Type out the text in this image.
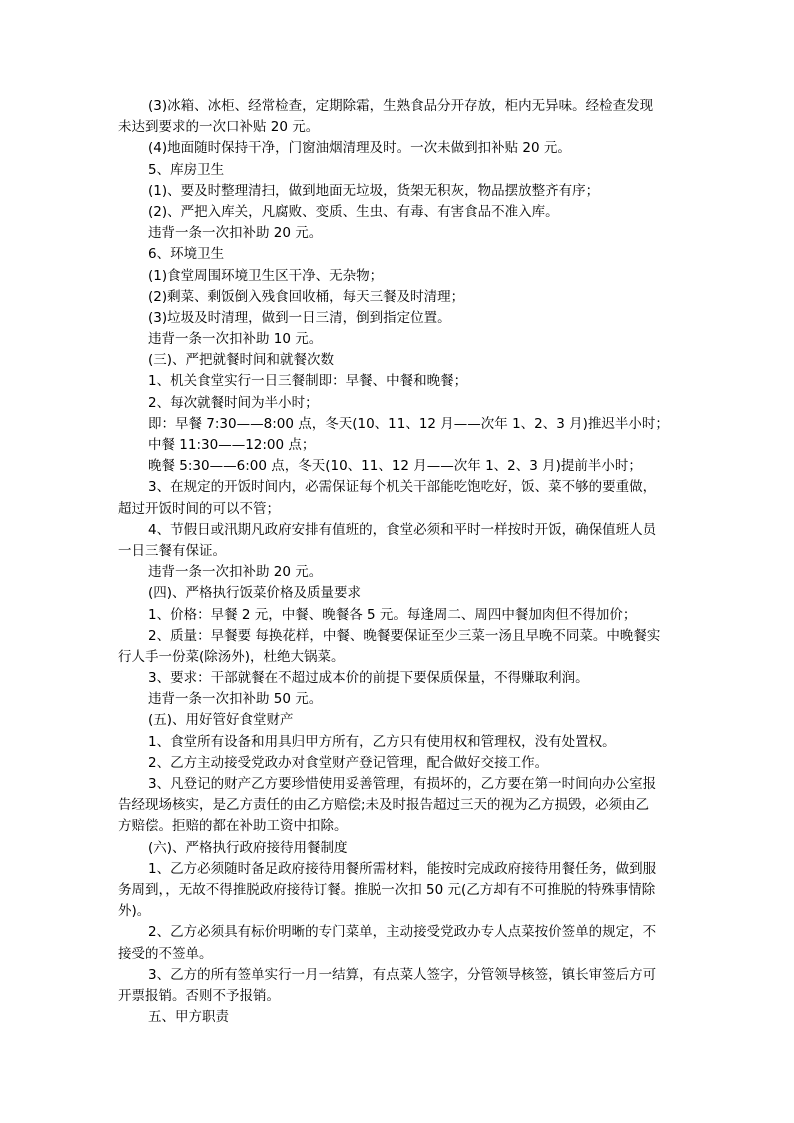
(3)冰箱、冰柜、经常检查，定期除霜，生熟食品分开存放，柜内无异味。经检查发现
未达到要求的一次口补贴 20 元。
(4)地面随时保持干净，门窗油烟清理及时。一次未做到扣补贴 20 元。
5、库房卫生
(1)、要及时整理清扫，做到地面无垃圾，货架无积灰，物品摆放整齐有序；
(2)、严把入库关，凡腐败、变质、生虫、有毒、有害食品不准入库。
违背一条一次扣补助 20 元。
6、环境卫生
(1)食堂周围环境卫生区干净、无杂物；
(2)剩菜、剩饭倒入残食回收桶，每天三餐及时清理；
(3)垃圾及时清理，做到一日三清，倒到指定位置。
违背一条一次扣补助 10 元。
(三)、严把就餐时间和就餐次数
1、机关食堂实行一日三餐制即：早餐、中餐和晚餐；
2、每次就餐时间为半小时；
即：早餐 7:30——8:00 点，冬天(10、11、12 月——次年 1、2、3 月)推迟半小时；
中餐 11:30——12:00 点；
晚餐 5:30——6:00 点，冬天(10、11、12 月——次年 1、2、3 月)提前半小时；
3、在规定的开饭时间内，必需保证每个机关干部能吃饱吃好，饭、菜不够的要重做，
超过开饭时间的可以不管；
4、节假日或汛期凡政府安排有值班的，食堂必须和平时一样按时开饭，确保值班人员
一日三餐有保证。
违背一条一次扣补助 20 元。
(四)、严格执行饭菜价格及质量要求
1、价格：早餐 2 元，中餐、晚餐各 5 元。每逢周二、周四中餐加肉但不得加价；
2、质量：早餐要 每换花样，中餐、晚餐要保证至少三菜一汤且早晚不同菜。中晚餐实
行人手一份菜(除汤外)，杜绝大锅菜。
3、要求：干部就餐在不超过成本价的前提下要保质保量，不得赚取利润。
违背一条一次扣补助 50 元。
(五)、用好管好食堂财产
1、食堂所有设备和用具归甲方所有，乙方只有使用权和管理权，没有处置权。
2、乙方主动接受党政办对食堂财产登记管理，配合做好交接工作。
3、凡登记的财产乙方要珍惜使用妥善管理，有损坏的，乙方要在第一时间向办公室报
告经现场核实，是乙方责任的由乙方赔偿;未及时报告超过三天的视为乙方损毁，必须由乙
方赔偿。拒赔的都在补助工资中扣除。
(六)、严格执行政府接待用餐制度
1、乙方必须随时备足政府接待用餐所需材料，能按时完成政府接待用餐任务，做到服
务周到，，无故不得推脱政府接待订餐。推脱一次扣 50 元(乙方却有不可推脱的特殊事情除
外)。
2、乙方必须具有标价明晰的专门菜单，主动接受党政办专人点菜按价签单的规定，不
接受的不签单。
3、乙方的所有签单实行一月一结算，有点菜人签字，分管领导核签，镇长审签后方可
开票报销。否则不予报销。
五、甲方职责
